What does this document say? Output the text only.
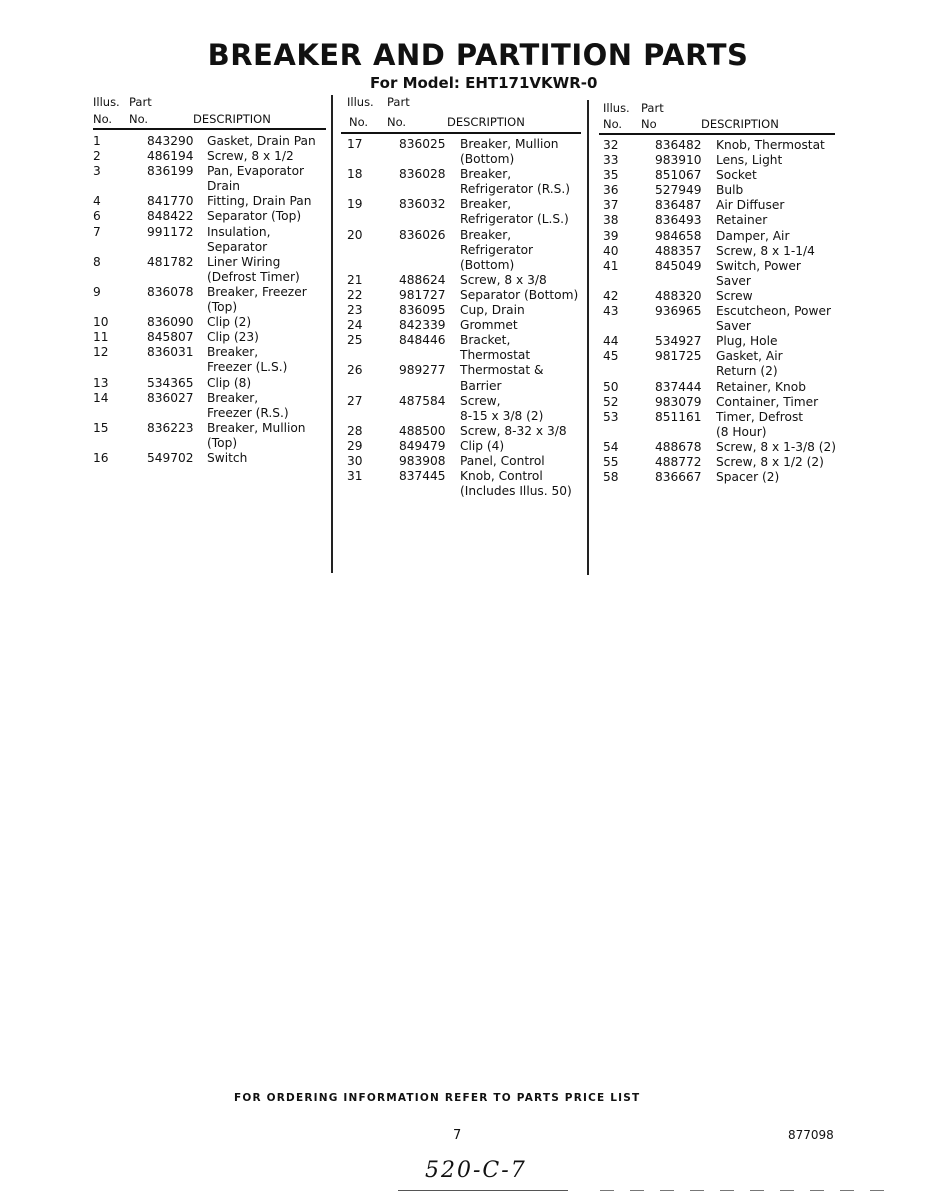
BREAKER AND PARTITION PARTS
For Model: EHT171VKWR-0
Illus. Part
No. No.	DESCRIPTION
1	843290 Gasket, Drain Pan
2	486194 Screw, 8 x 1/2
3	836199 Pan, Evaporator
Drain
4	841770 Fitting, Drain Pan
6	848422 Separator (Top)
7	991172 Insulation,
Separator
8	481782 Liner Wiring
(Defrost Timer)
9	836078 Breaker, Freezer
(Top)
10	836090 Clip (2)
11	845807 Clip (23)
12	836031 Breaker,
Freezer (L.S.)
13	534365 Clip (8)
14	836027 Breaker,
Freezer (R.S.)
15	836223 Breaker, Mullion
(Top)
16	549702 Switch
Illus. Part
No. No.	DESCRIPTION
17	836025 Breaker, Mullion
(Bottom)
18	836028 Breaker,
Refrigerator (R.S.)
19	836032 Breaker,
Refrigerator (L.S.)
20	836026 Breaker,
Refrigerator
(Bottom)
21	488624 Screw, 8 x 3/8
22	981727 Separator (Bottom)
23	836095 Cup, Drain
24	842339 Grommet
25	848446 Bracket,
Thermostat
26	989277 Thermostat &
Barrier
27	487584 Screw,
8-15 x 3/8 (2)
28	488500 Screw, 8-32 x 3/8
29	849479 Clip (4)
30	983908 Panel, Control
31	837445 Knob, Control
(Includes Illus. 50)
Illus. Part
No. No	DESCRIPTION
32	836482 Knob, Thermostat
33	983910 Lens, Light
35	851067 Socket
36	527949 Bulb
37	836487 Air Diffuser
38	836493 Retainer
39	984658 Damper, Air
40	488357 Screw, 8 x 1-1/4
41	845049 Switch, Power
Saver
42	488320 Screw
43	936965 Escutcheon, Power
Saver
44	534927 Plug, Hole
45	981725 Gasket, Air
Return (2)
50	837444 Retainer, Knob
52	983079 Container, Timer
53	851161 Timer, Defrost
(8 Hour)
54	488678 Screw, 8 x 1-3/8 (2)
55	488772 Screw, 8 x 1/2 (2)
58	836667 Spacer (2)
FOR ORDERING INFORMATION REFER TO PARTS PRICE LIST
7	877098
520-C-7
